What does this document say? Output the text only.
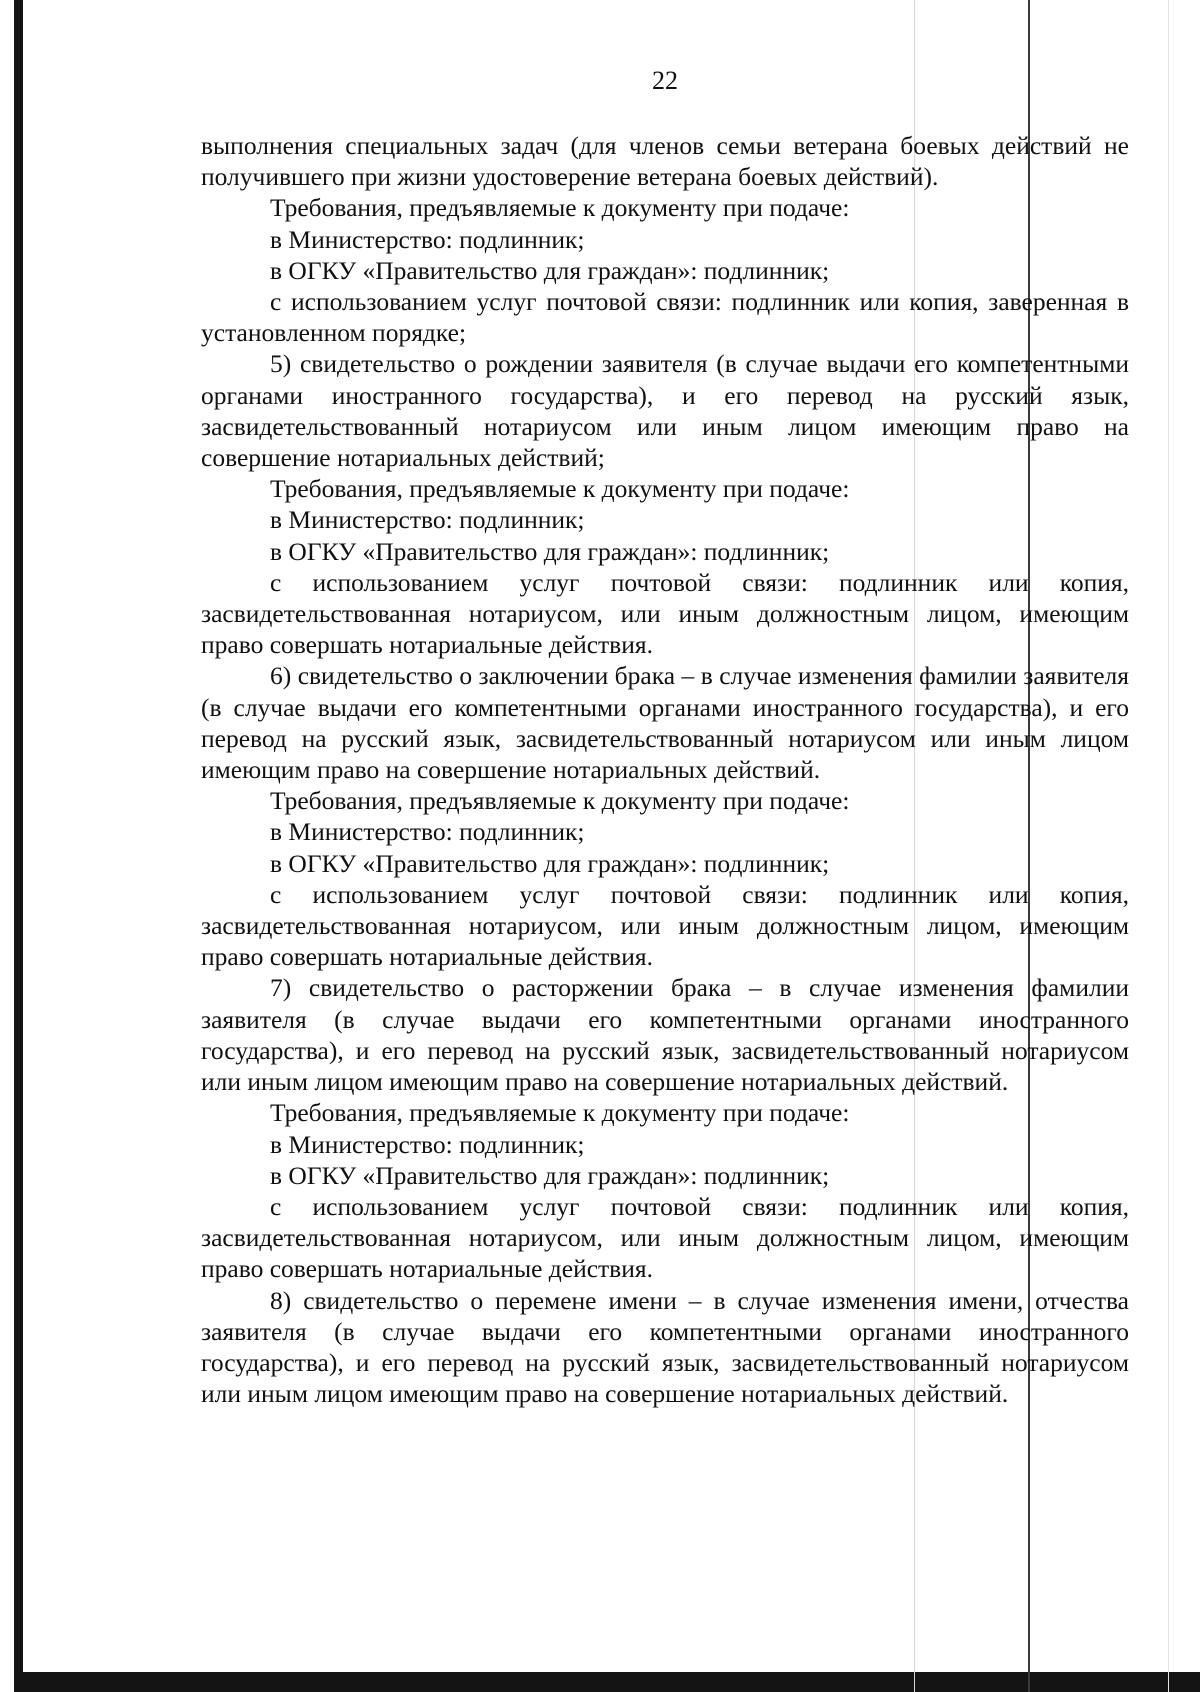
22

выполнения специальных задач (для членов семьи ветерана боевых действий не получившего при жизни удостоверение ветерана боевых действий).

Требования, предъявляемые к документу при подаче:

в Министерство: подлинник;

в ОГКУ «Правительство для граждан»: подлинник;

с использованием услуг почтовой связи: подлинник или копия, заверенная в установленном порядке;

5) свидетельство о рождении заявителя (в случае выдачи его компетентными органами иностранного государства), и его перевод на русский язык, засвидетельствованный нотариусом или иным лицом имеющим право на совершение нотариальных действий;

Требования, предъявляемые к документу при подаче:

в Министерство: подлинник;

в ОГКУ «Правительство для граждан»: подлинник;

с использованием услуг почтовой связи: подлинник или копия, засвидетельствованная нотариусом, или иным должностным лицом, имеющим право совершать нотариальные действия.

6) свидетельство о заключении брака – в случае изменения фамилии заявителя (в случае выдачи его компетентными органами иностранного государства), и его перевод на русский язык, засвидетельствованный нотариусом или иным лицом имеющим право на совершение нотариальных действий.

Требования, предъявляемые к документу при подаче:

в Министерство: подлинник;

в ОГКУ «Правительство для граждан»: подлинник;

с использованием услуг почтовой связи: подлинник или копия, засвидетельствованная нотариусом, или иным должностным лицом, имеющим право совершать нотариальные действия.

7) свидетельство о расторжении брака – в случае изменения фамилии заявителя (в случае выдачи его компетентными органами иностранного государства), и его перевод на русский язык, засвидетельствованный нотариусом или иным лицом имеющим право на совершение нотариальных действий.

Требования, предъявляемые к документу при подаче:

в Министерство: подлинник;

в ОГКУ «Правительство для граждан»: подлинник;

с использованием услуг почтовой связи: подлинник или копия, засвидетельствованная нотариусом, или иным должностным лицом, имеющим право совершать нотариальные действия.

8) свидетельство о перемене имени – в случае изменения имени, отчества заявителя (в случае выдачи его компетентными органами иностранного государства), и его перевод на русский язык, засвидетельствованный нотариусом или иным лицом имеющим право на совершение нотариальных действий.
